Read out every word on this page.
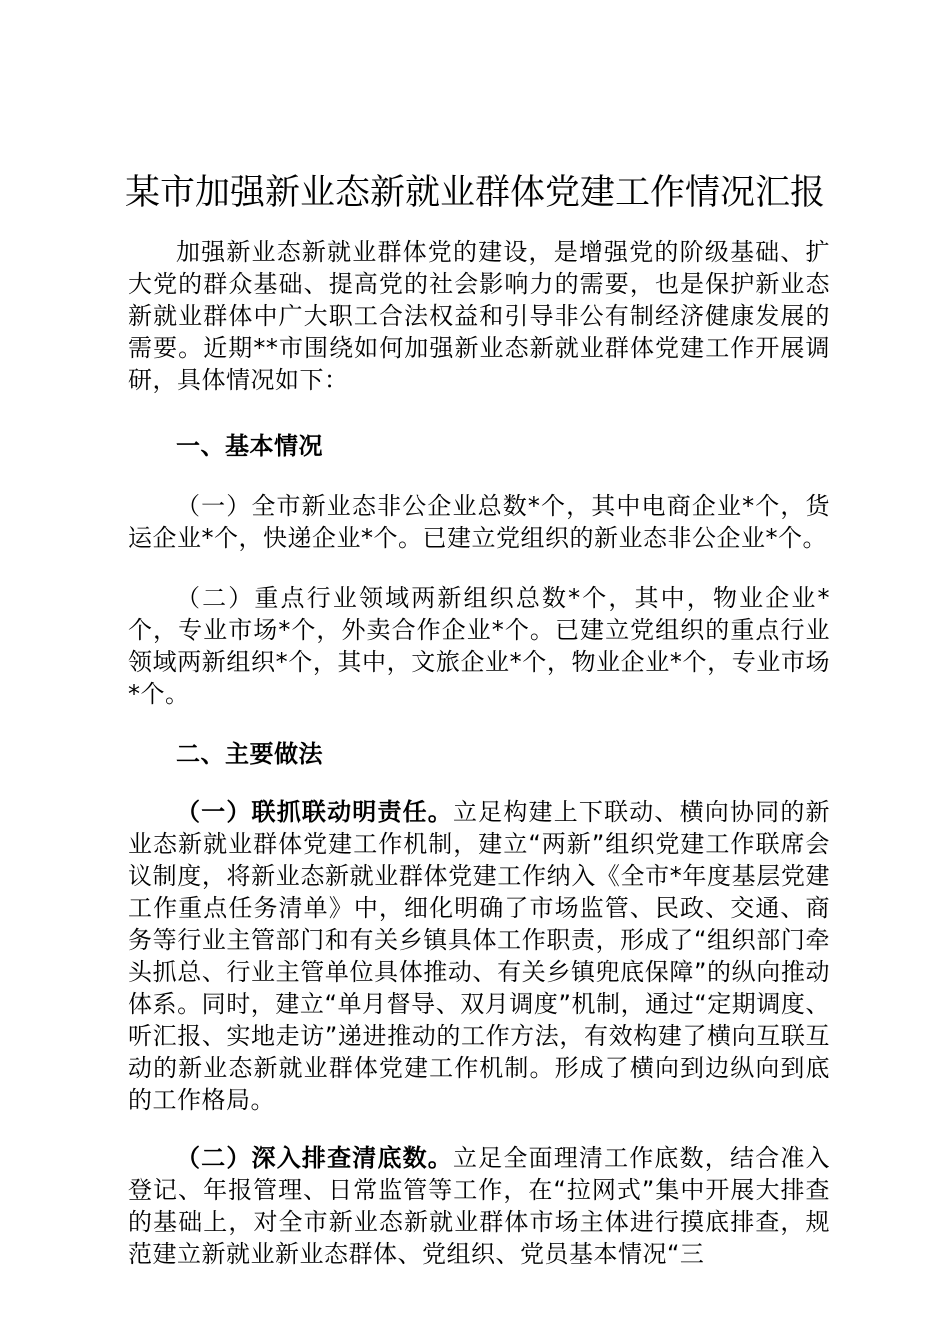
某市加强新业态新就业群体党建工作情况汇报

加强新业态新就业群体党的建设，是增强党的阶级基础、扩大党的群众基础、提高党的社会影响力的需要，也是保护新业态新就业群体中广大职工合法权益和引导非公有制经济健康发展的需要。近期**市围绕如何加强新业态新就业群体党建工作开展调研，具体情况如下：

一、基本情况

（一）全市新业态非公企业总数*个，其中电商企业*个，货运企业*个，快递企业*个。已建立党组织的新业态非公企业*个。

（二）重点行业领域两新组织总数*个，其中，物业企业*个，专业市场*个，外卖合作企业*个。已建立党组织的重点行业领域两新组织*个，其中，文旅企业*个，物业企业*个，专业市场*个。

二、主要做法

（一）联抓联动明责任。立足构建上下联动、横向协同的新业态新就业群体党建工作机制，建立“两新”组织党建工作联席会议制度，将新业态新就业群体党建工作纳入《全市*年度基层党建工作重点任务清单》中，细化明确了市场监管、民政、交通、商务等行业主管部门和有关乡镇具体工作职责，形成了“组织部门牵头抓总、行业主管单位具体推动、有关乡镇兜底保障”的纵向推动体系。同时，建立“单月督导、双月调度”机制，通过“定期调度、听汇报、实地走访”递进推动的工作方法，有效构建了横向互联互动的新业态新就业群体党建工作机制。形成了横向到边纵向到底的工作格局。

（二）深入排查清底数。立足全面理清工作底数，结合准入登记、年报管理、日常监管等工作，在“拉网式”集中开展大排查的基础上，对全市新业态新就业群体市场主体进行摸底排查，规范建立新就业新业态群体、党组织、党员基本情况“三
